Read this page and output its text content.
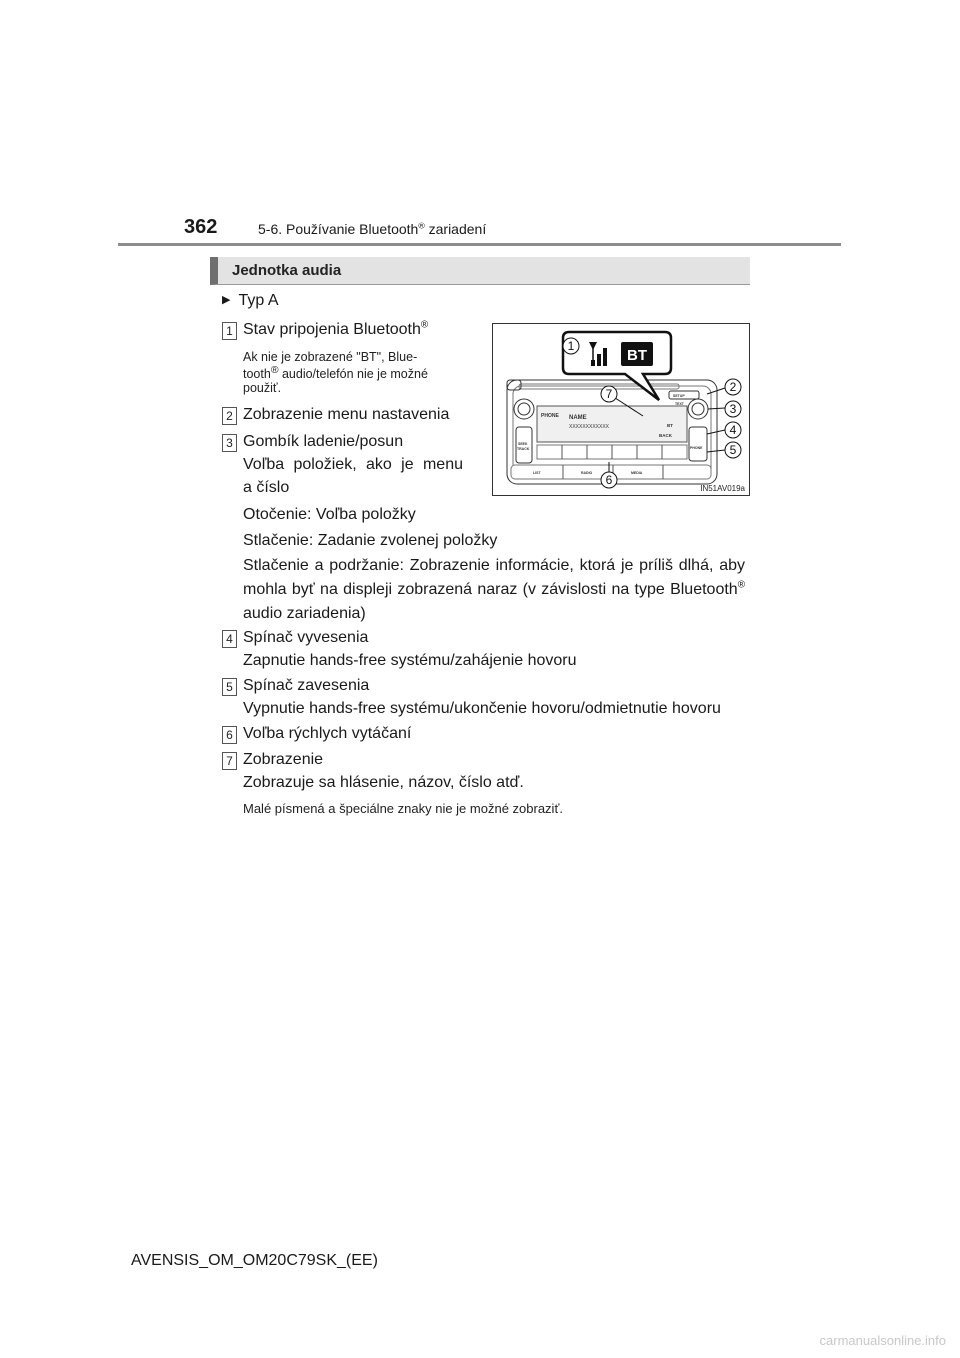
362	5-6. Používanie Bluetooth® zariadení
Jednotka audia
▶ Typ A
1 Stav pripojenia Bluetooth®
Ak nie je zobrazené "BT", Blue-
tooth® audio/telefón nie je možné
použiť.
2 Zobrazenie menu nastavenia
3 Gombík ladenie/posun
Voľba položiek, ako je menu
a číslo
Otočenie: Voľba položky
Stlačenie: Zadanie zvolenej položky
Stlačenie a podržanie: Zobrazenie informácie, ktorá je príliš dlhá, aby mohla byť na displeji zobrazená naraz (v závislosti na type Bluetooth® audio zariadenia)
4 Spínač vyvesenia
Zapnutie hands-free systému/zahájenie hovoru
5 Spínač zavesenia
Vypnutie hands-free systému/ukončenie hovoru/odmietnutie hovoru
6 Voľba rýchlych vytáčaní
7 Zobrazenie
Zobrazuje sa hlásenie, názov, číslo atď.
Malé písmená a špeciálne znaky nie je možné zobraziť.
PHONE NAME
XXXXXXXXXXXX	BT
BACK
SETUP
TEXT
SEEK
TRACK	PHONE
LIST	RADIO	MEDIA
BT
1
2
3
4
5
6
7
IN51AV019a
AVENSIS_OM_OM20C79SK_(EE)
carmanualsonline.info
